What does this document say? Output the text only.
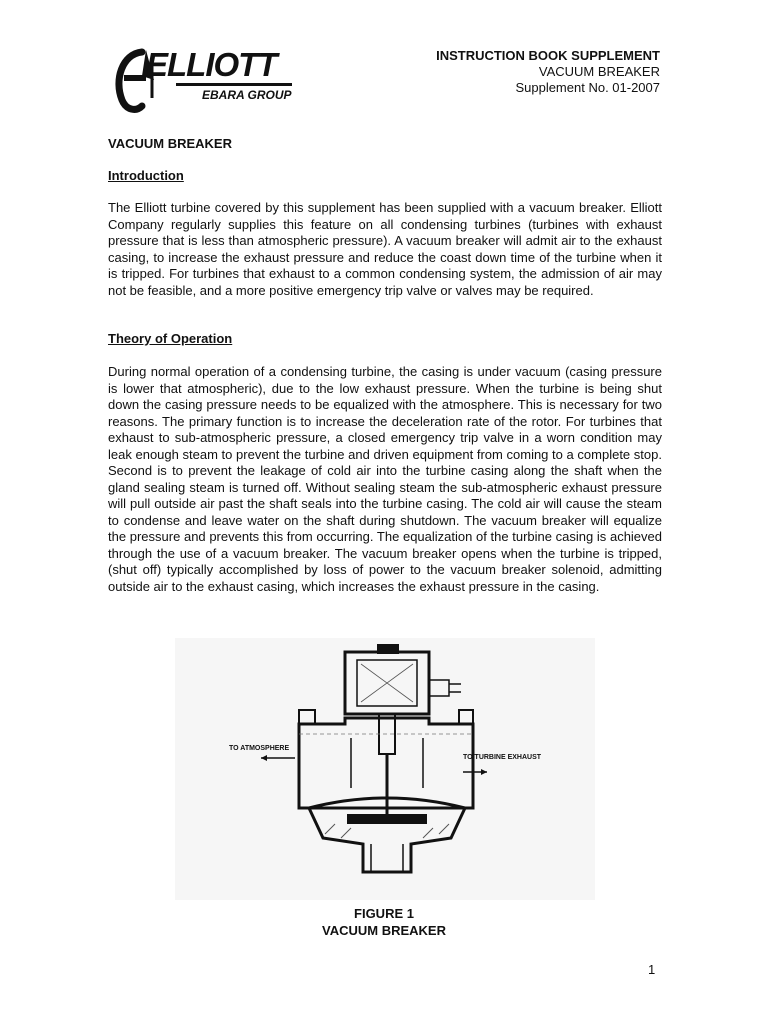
ELLIOTT
EBARA GROUP
INSTRUCTION BOOK SUPPLEMENT
VACUUM BREAKER
Supplement No. 01-2007
VACUUM BREAKER
Introduction

The Elliott turbine covered by this supplement has been supplied with a vacuum breaker. Elliott Company regularly supplies this feature on all condensing turbines (turbines with exhaust pressure that is less than atmospheric pressure). A vacuum breaker will admit air to the exhaust casing, to increase the exhaust pressure and reduce the coast down time of the turbine when it is tripped. For turbines that exhaust to a common condensing system, the admission of air may not be feasible, and a more positive emergency trip valve or valves may be required.

Theory of Operation

During normal operation of a condensing turbine, the casing is under vacuum (casing pressure is lower that atmospheric), due to the low exhaust pressure. When the turbine is being shut down the casing pressure needs to be equalized with the atmosphere. This is necessary for two reasons. The primary function is to increase the deceleration rate of the rotor. For turbines that exhaust to sub-atmospheric pressure, a closed emergency trip valve in a worn condition may leak enough steam to prevent the turbine and driven equipment from coming to a complete stop. Second is to prevent the leakage of cold air into the turbine casing along the shaft when the gland sealing steam is turned off. Without sealing steam the sub-atmospheric exhaust pressure will pull outside air past the shaft seals into the turbine casing. The cold air will cause the steam to condense and leave water on the shaft during shutdown. The vacuum breaker will equalize the pressure and prevents this from occurring. The equalization of the turbine casing is achieved through the use of a vacuum breaker. The vacuum breaker opens when the turbine is tripped, (shut off) typically accomplished by loss of power to the vacuum breaker solenoid, admitting outside air to the exhaust casing, which increases the exhaust pressure in the casing.

TO ATMOSPHERE
TO TURBINE EXHAUST
FIGURE 1
VACUUM BREAKER
1
